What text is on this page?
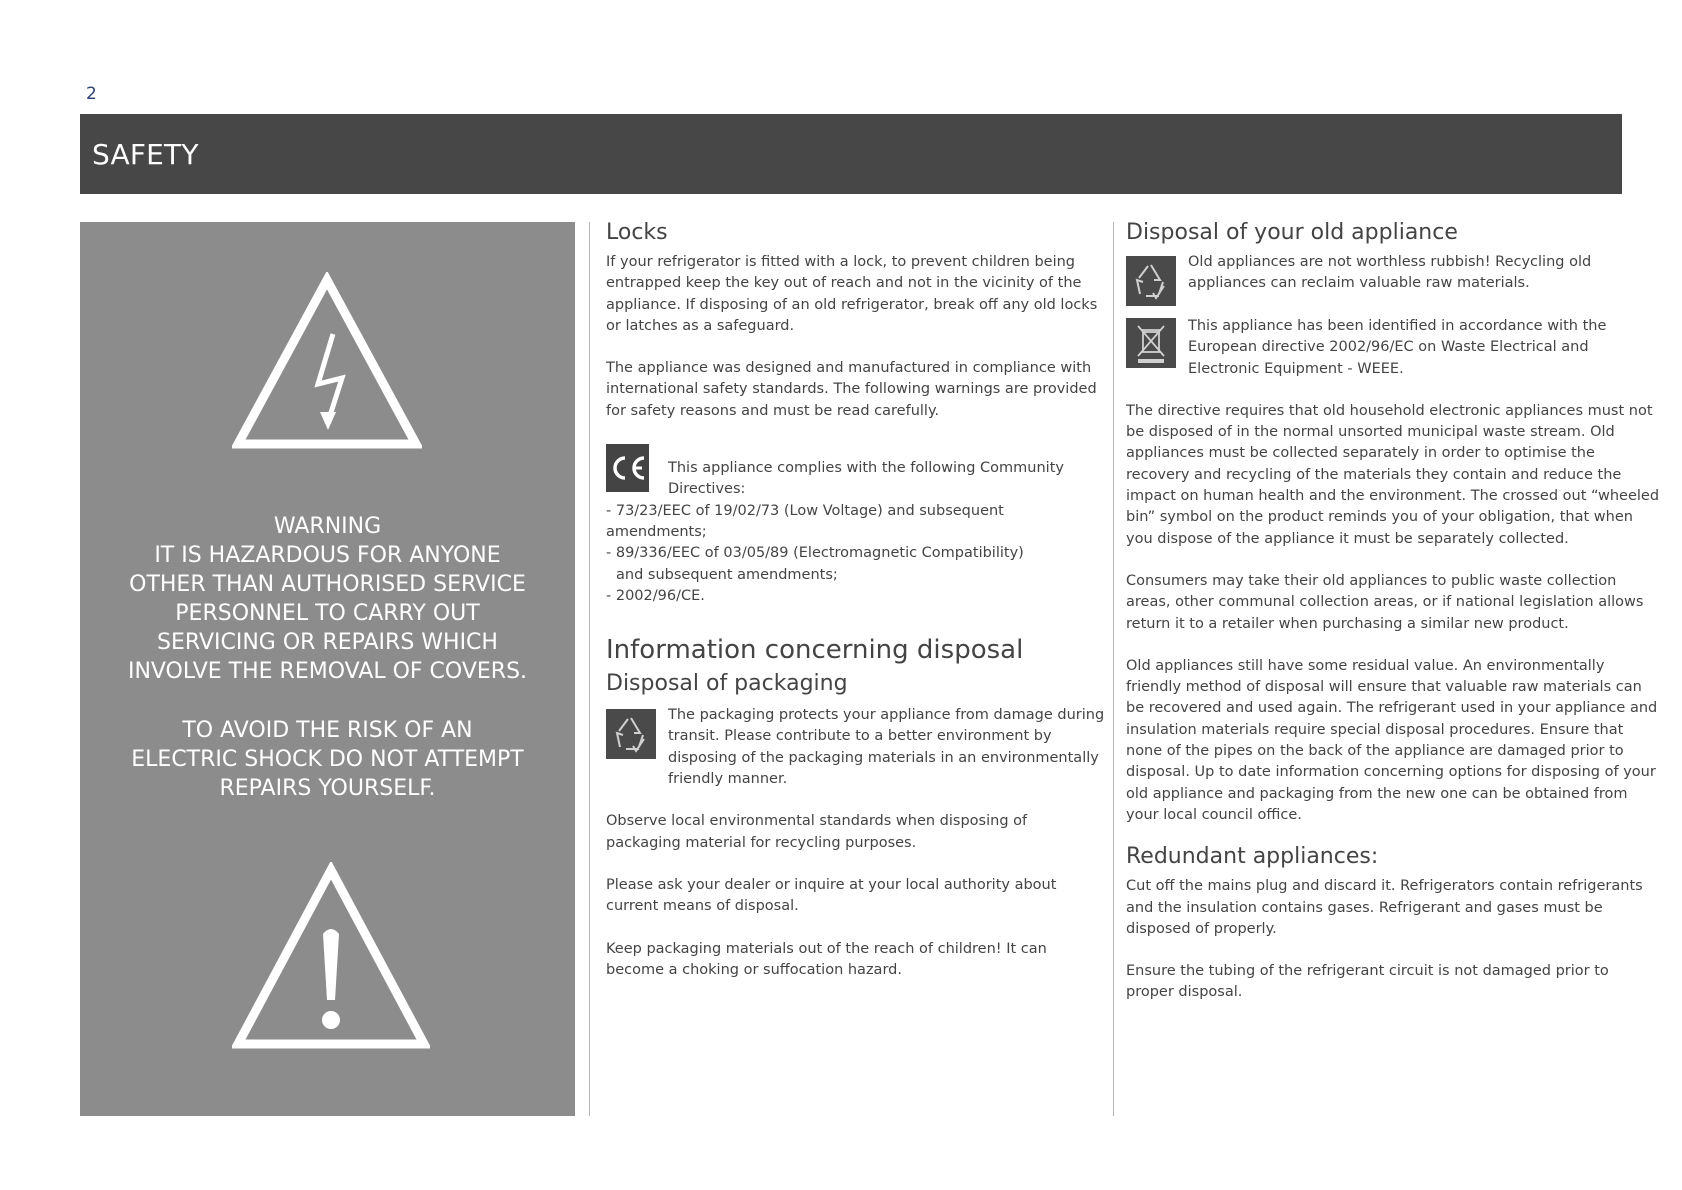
2
SAFETY

WARNING

IT IS HAZARDOUS FOR ANYONE

OTHER THAN AUTHORISED SERVICE

PERSONNEL TO CARRY OUT

SERVICING OR REPAIRS WHICH

INVOLVE THE REMOVAL OF COVERS.

TO AVOID THE RISK OF AN

ELECTRIC SHOCK DO NOT ATTEMPT

REPAIRS YOURSELF.

Locks

If your refrigerator is fitted with a lock, to prevent children being entrapped keep the key out of reach and not in the vicinity of the appliance. If disposing of an old refrigerator, break off any old locks or latches as a safeguard.

The appliance was designed and manufactured in compliance with international safety standards. The following warnings are provided for safety reasons and must be read carefully.

This appliance complies with the following Community Directives:

- 73/23/EEC of 19/02/73 (Low Voltage) and subsequent amendments;
- 89/336/EEC of 03/05/89 (Electromagnetic Compatibility)
and subsequent amendments;
- 2002/96/CE.
Information concerning disposal
Disposal of packaging

The packaging protects your appliance from damage during transit. Please contribute to a better environment by disposing of the packaging materials in an environmentally friendly manner.

Observe local environmental standards when disposing of packaging material for recycling purposes.

Please ask your dealer or inquire at your local authority about current means of disposal.

Keep packaging materials out of the reach of children! It can become a choking or suffocation hazard.

Disposal of your old appliance

Old appliances are not worthless rubbish! Recycling old appliances can reclaim valuable raw materials.

This appliance has been identified in accordance with the European directive 2002/96/EC on Waste Electrical and Electronic Equipment - WEEE.

The directive requires that old household electronic appliances must not be disposed of in the normal unsorted municipal waste stream. Old appliances must be collected separately in order to optimise the recovery and recycling of the materials they contain and reduce the impact on human health and the environment. The crossed out “wheeled bin” symbol on the product reminds you of your obligation, that when you dispose of the appliance it must be separately collected.

Consumers may take their old appliances to public waste collection areas, other communal collection areas, or if national legislation allows return it to a retailer when purchasing a similar new product.

Old appliances still have some residual value. An environmentally friendly method of disposal will ensure that valuable raw materials can be recovered and used again. The refrigerant used in your appliance and insulation materials require special disposal procedures. Ensure that none of the pipes on the back of the appliance are damaged prior to disposal. Up to date information concerning options for disposing of your old appliance and packaging from the new one can be obtained from your local council office.

Redundant appliances:

Cut off the mains plug and discard it. Refrigerators contain refrigerants and the insulation contains gases. Refrigerant and gases must be disposed of properly.

Ensure the tubing of the refrigerant circuit is not damaged prior to proper disposal.
